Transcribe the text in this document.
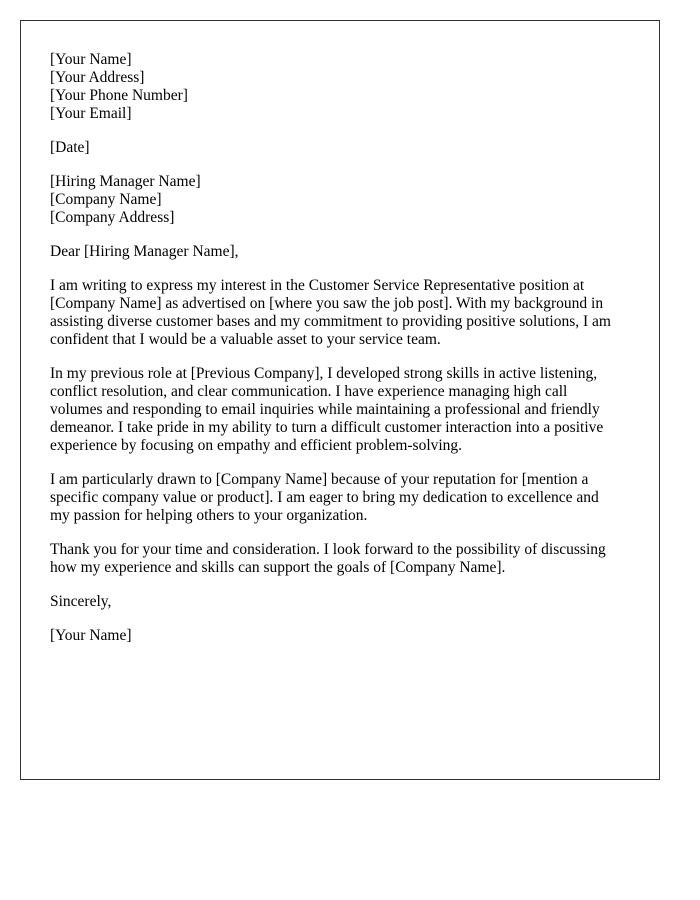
[Your Name]
[Your Address]
[Your Phone Number]
[Your Email]
[Date]
[Hiring Manager Name]
[Company Name]
[Company Address]
Dear [Hiring Manager Name],

I am writing to express my interest in the Customer Service Representative position at
[Company Name] as advertised on [where you saw the job post]. With my background in
assisting diverse customer bases and my commitment to providing positive solutions, I am
confident that I would be a valuable asset to your service team.

In my previous role at [Previous Company], I developed strong skills in active listening,
conflict resolution, and clear communication. I have experience managing high call
volumes and responding to email inquiries while maintaining a professional and friendly
demeanor. I take pride in my ability to turn a difficult customer interaction into a positive
experience by focusing on empathy and efficient problem-solving.

I am particularly drawn to [Company Name] because of your reputation for [mention a
specific company value or product]. I am eager to bring my dedication to excellence and
my passion for helping others to your organization.

Thank you for your time and consideration. I look forward to the possibility of discussing
how my experience and skills can support the goals of [Company Name].

Sincerely,
[Your Name]
